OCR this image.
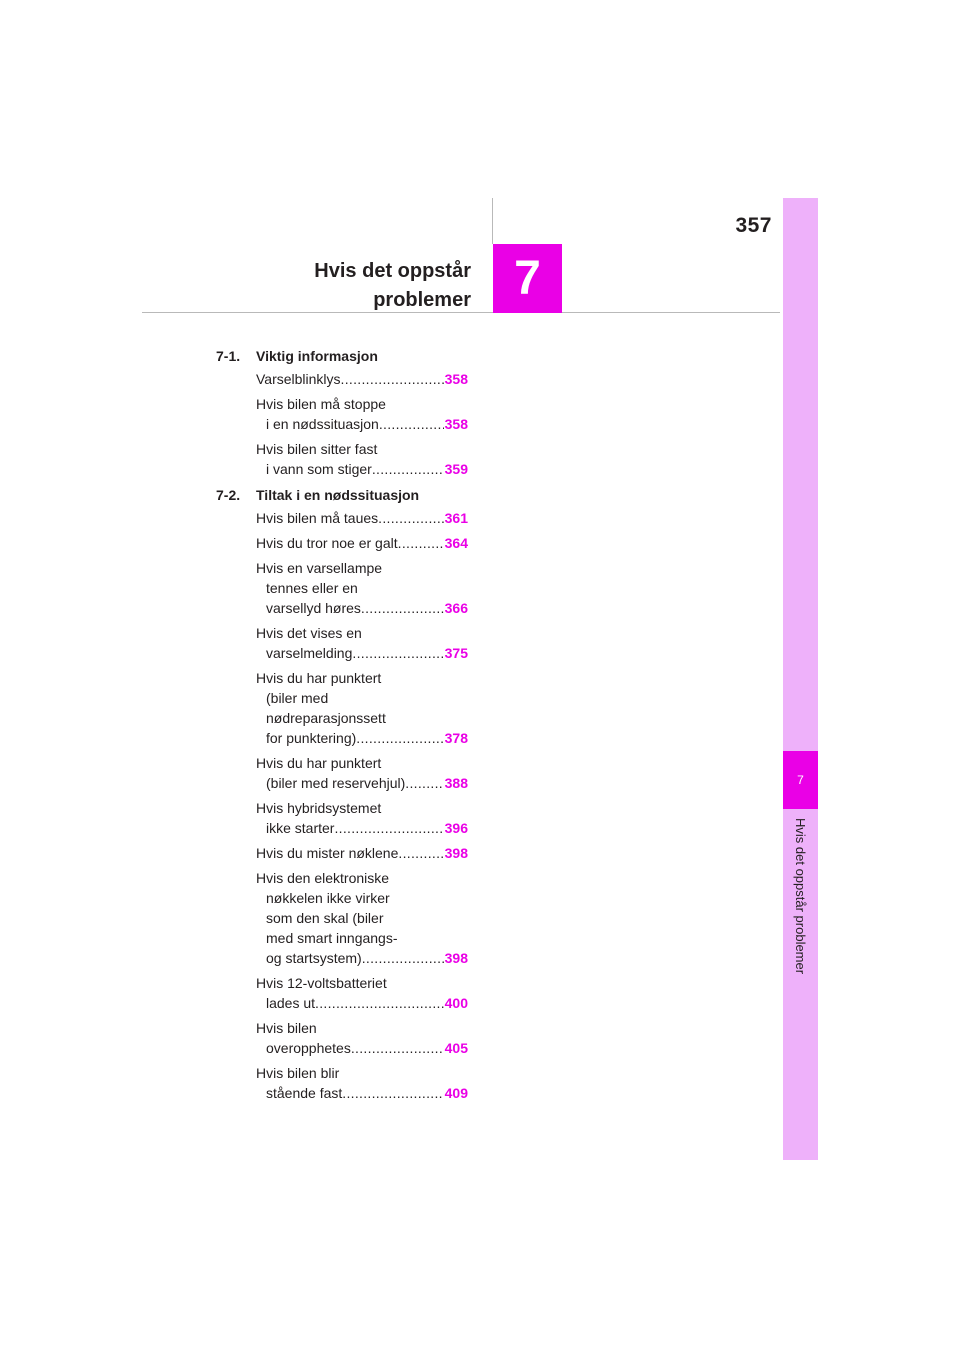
357
Hvis det oppstår
problemer 7
7
Hvis det oppstår problemer
7-1. Viktig informasjon
Varselblinklys .....	358
Hvis bilen må stoppe
i en nødssituasjon .....	358
Hvis bilen sitter fast
i vann som stiger .....	359
7-2. Tiltak i en nødssituasjon
Hvis bilen må taues .....	361
Hvis du tror noe er galt .....	364
Hvis en varsellampe
tennes eller en
varsellyd høres .....	366
Hvis det vises en
varselmelding .....	375
Hvis du har punktert
(biler med
nødreparasjonssett
for punktering) .....	378
Hvis du har punktert
(biler med reservehjul) .....	388
Hvis hybridsystemet
ikke starter .....	396
Hvis du mister nøklene .....	398
Hvis den elektroniske
nøkkelen ikke virker
som den skal (biler
med smart inngangs-
og startsystem) .....	398
Hvis 12-voltsbatteriet
lades ut .....	400
Hvis bilen
overopphetes .....	405
Hvis bilen blir
stående fast .....	409
